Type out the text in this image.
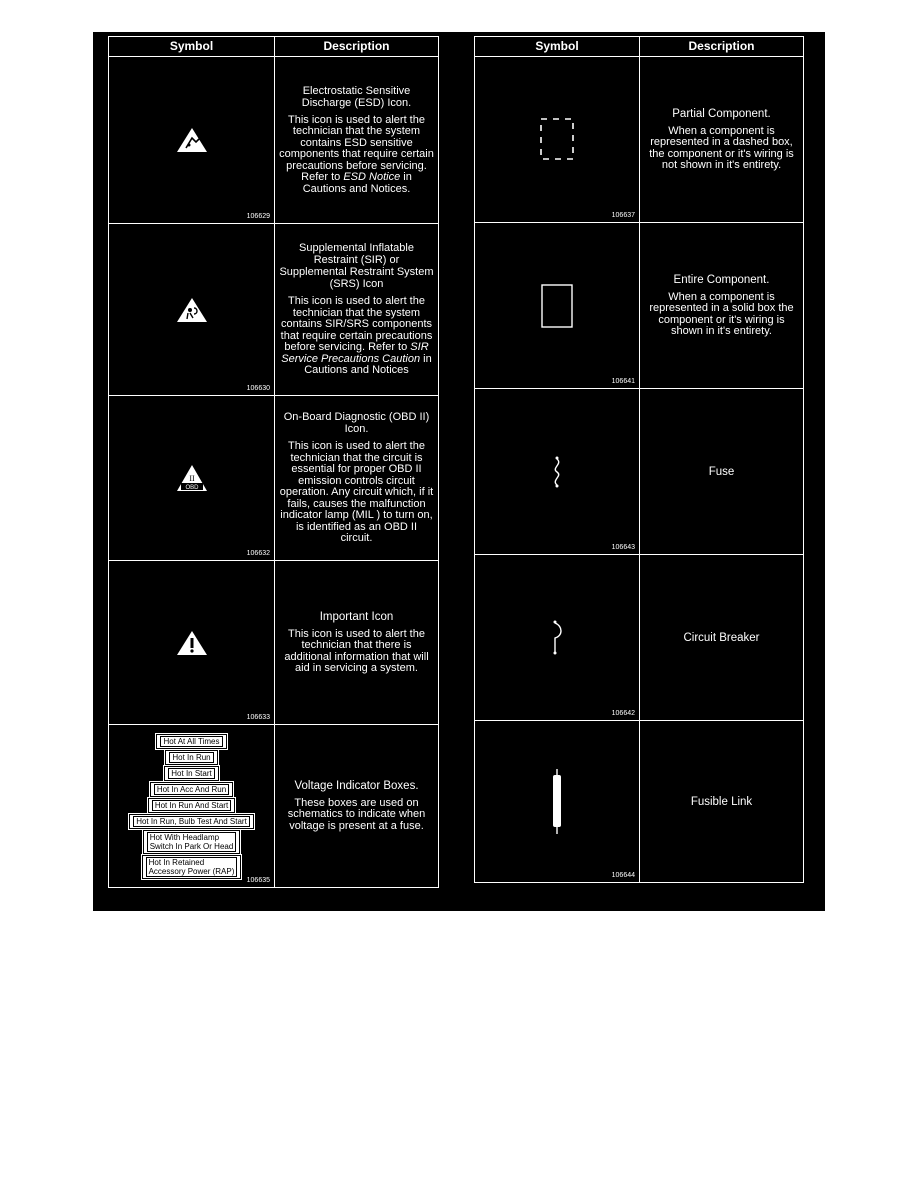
Symbol	Description
106629
Electrostatic Sensitive Discharge (ESD) Icon.
This icon is used to alert the technician that the system contains ESD sensitive components that require certain precautions before servicing. Refer to ESD Notice in Cautions and Notices.
106630
Supplemental Inflatable Restraint (SIR) or Supplemental Restraint System (SRS) Icon
This icon is used to alert the technician that the system contains SIR/SRS components that require certain precautions before servicing. Refer to SIR Service Precautions Caution in Cautions and Notices
II
OBD
106632
On-Board Diagnostic (OBD II) Icon.
This icon is used to alert the technician that the circuit is essential for proper OBD II emission controls circuit operation. Any circuit which, if it fails, causes the malfunction indicator lamp (MIL ) to turn on, is identified as an OBD II circuit.
106633
Important Icon
This icon is used to alert the technician that there is additional information that will aid in servicing a system.
Hot At All Times
Hot In Run
Hot In Start
Hot In Acc And Run
Hot In Run And Start
Hot In Run, Bulb Test And Start
Hot With Headlamp
Switch In Park Or Head
Hot In Retained
Accessory Power (RAP)
106635
Voltage Indicator Boxes.
These boxes are used on schematics to indicate when voltage is present at a fuse.
Symbol	Description
106637
Partial Component.
When a component is represented in a dashed box, the component or it's wiring is not shown in it's entirety.
106641
Entire Component.
When a component is represented in a solid box the component or it's wiring is shown in it's entirety.
106643
Fuse
106642
Circuit Breaker
106644
Fusible Link
